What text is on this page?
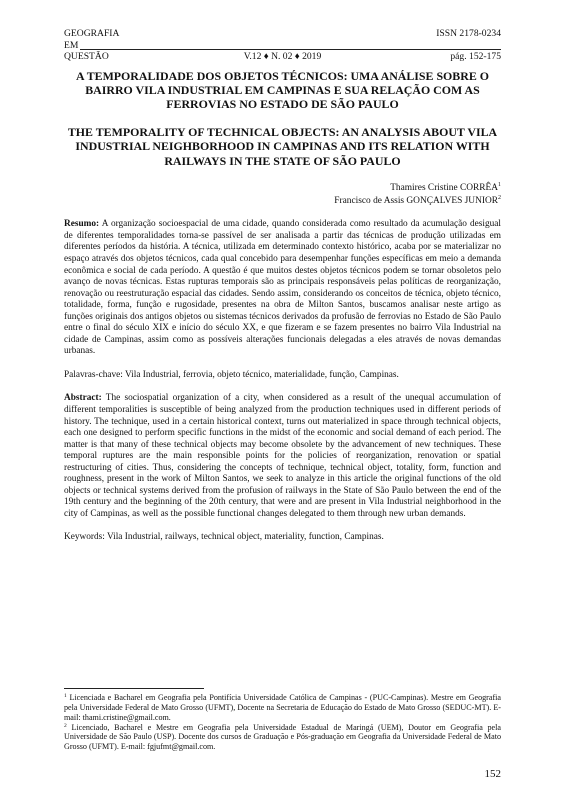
GEOGRAFIA	ISSN 2178-0234
EM
QUESTÃO	V.12 ♦ N. 02 ♦ 2019	pág. 152-175
A TEMPORALIDADE DOS OBJETOS TÉCNICOS: UMA ANÁLISE SOBRE O BAIRRO VILA INDUSTRIAL EM CAMPINAS E SUA RELAÇÃO COM AS FERROVIAS NO ESTADO DE SÃO PAULO
THE TEMPORALITY OF TECHNICAL OBJECTS: AN ANALYSIS ABOUT VILA INDUSTRIAL NEIGHBORHOOD IN CAMPINAS AND ITS RELATION WITH RAILWAYS IN THE STATE OF SÃO PAULO
Thamires Cristine CORRÊA$^1$
Francisco de Assis GONÇALVES JUNIOR$^2$

Resumo: A organização socioespacial de uma cidade, quando considerada como resultado da acumulação desigual de diferentes temporalidades torna-se passível de ser analisada a partir das técnicas de produção utilizadas em diferentes períodos da história. A técnica, utilizada em determinado contexto histórico, acaba por se materializar no espaço através dos objetos técnicos, cada qual concebido para desempenhar funções específicas em meio a demanda econômica e social de cada período. A questão é que muitos destes objetos técnicos podem se tornar obsoletos pelo avanço de novas técnicas. Estas rupturas temporais são as principais responsáveis pelas políticas de reorganização, renovação ou reestruturação espacial das cidades. Sendo assim, considerando os conceitos de técnica, objeto técnico, totalidade, forma, função e rugosidade, presentes na obra de Milton Santos, buscamos analisar neste artigo as funções originais dos antigos objetos ou sistemas técnicos derivados da profusão de ferrovias no Estado de São Paulo entre o final do século XIX e início do século XX, e que fizeram e se fazem presentes no bairro Vila Industrial na cidade de Campinas, assim como as possíveis alterações funcionais delegadas a eles através de novas demandas urbanas.

Palavras-chave: Vila Industrial, ferrovia, objeto técnico, materialidade, função, Campinas.

Abstract: The sociospatial organization of a city, when considered as a result of the unequal accumulation of different temporalities is susceptible of being analyzed from the production techniques used in different periods of history. The technique, used in a certain historical context, turns out materialized in space through technical objects, each one designed to perform specific functions in the midst of the economic and social demand of each period. The matter is that many of these technical objects may become obsolete by the advancement of new techniques. These temporal ruptures are the main responsible points for the policies of reorganization, renovation or spatial restructuring of cities. Thus, considering the concepts of technique, technical object, totality, form, function and roughness, present in the work of Milton Santos, we seek to analyze in this article the original functions of the old objects or technical systems derived from the profusion of railways in the State of São Paulo between the end of the 19th century and the beginning of the 20th century, that were and are present in Vila Industrial neighborhood in the city of Campinas, as well as the possible functional changes delegated to them through new urban demands.

Keywords: Vila Industrial, railways, technical object, materiality, function, Campinas.

$^1$ Licenciada e Bacharel em Geografia pela Pontifícia Universidade Católica de Campinas - (PUC-Campinas). Mestre em Geografia pela Universidade Federal de Mato Grosso (UFMT), Docente na Secretaria de Educação do Estado de Mato Grosso (SEDUC-MT). E-mail: thami.cristine@gmail.com.

$^2$ Licenciado, Bacharel e Mestre em Geografia pela Universidade Estadual de Maringá (UEM), Doutor em Geografia pela Universidade de São Paulo (USP). Docente dos cursos de Graduação e Pós-graduação em Geografia da Universidade Federal de Mato Grosso (UFMT). E-mail: fgjufmt@gmail.com.

152
